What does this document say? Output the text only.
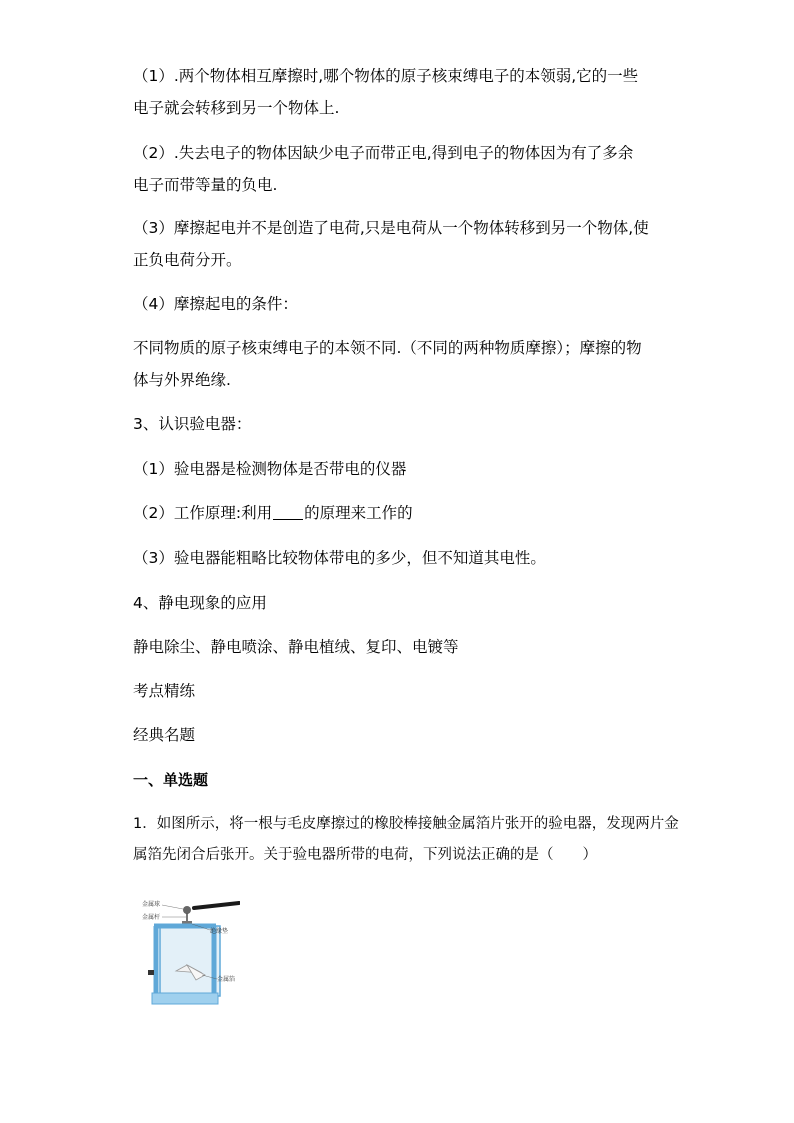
（1）.两个物体相互摩擦时,哪个物体的原子核束缚电子的本领弱,它的一些
电子就会转移到另一个物体上.
（2）.失去电子的物体因缺少电子而带正电,得到电子的物体因为有了多余
电子而带等量的负电.
（3）摩擦起电并不是创造了电荷,只是电荷从一个物体转移到另一个物体,使
正负电荷分开。
（4）摩擦起电的条件：
不同物质的原子核束缚电子的本领不同.（不同的两种物质摩擦）；摩擦的物
体与外界绝缘.
3、认识验电器：
（1）验电器是检测物体是否带电的仪器
（2）工作原理:利用 的原理来工作的
（3）验电器能粗略比较物体带电的多少，但不知道其电性。
4、静电现象的应用
静电除尘、静电喷涂、静电植绒、复印、电镀等
考点精练
经典名题
一、单选题
1．如图所示，将一根与毛皮摩擦过的橡胶棒接触金属箔片张开的验电器，发现两片金
属箔先闭合后张开。关于验电器所带的电荷，下列说法正确的是（　　）
金属球
金属杆
绝缘垫
金属箔
